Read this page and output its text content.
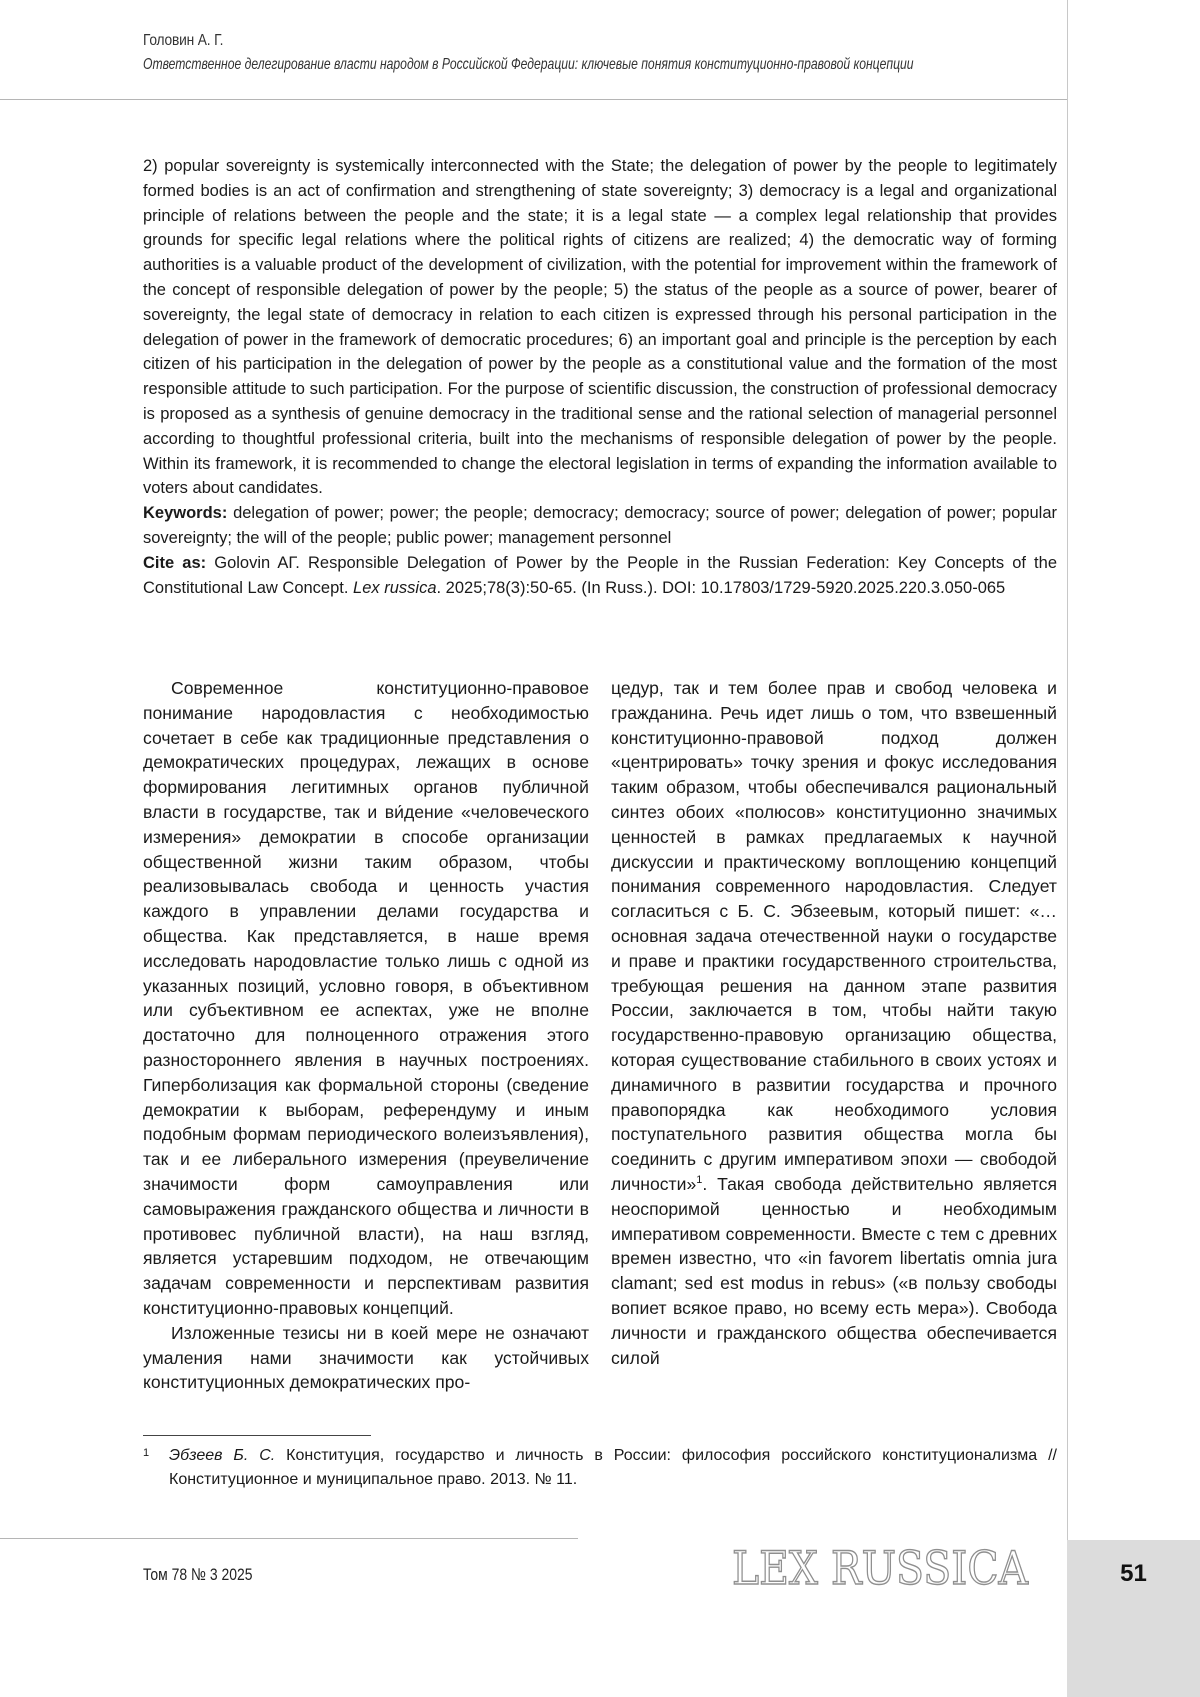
51
Головин А. Г.
Ответственное делегирование власти народом в Российской Федерации: ключевые понятия конституционно-правовой концепции

2) popular sovereignty is systemically interconnected with the State; the delegation of power by the people to legitimately formed bodies is an act of confirmation and strengthening of state sovereignty; 3) democracy is a legal and organizational principle of relations between the people and the state; it is a legal state — a complex legal relationship that provides grounds for specific legal relations where the political rights of citizens are realized; 4) the democratic way of forming authorities is a valuable product of the development of civilization, with the potential for improvement within the framework of the concept of responsible delegation of power by the people; 5) the status of the people as a source of power, bearer of sovereignty, the legal state of democracy in relation to each citizen is expressed through his personal participation in the delegation of power in the framework of democratic procedures; 6) an important goal and principle is the perception by each citizen of his participation in the delegation of power by the people as a constitutional value and the formation of the most responsible attitude to such participation. For the purpose of scientific discussion, the construction of professional democracy is proposed as a synthesis of genuine democracy in the traditional sense and the rational selection of managerial personnel according to thoughtful professional criteria, built into the mechanisms of responsible delegation of power by the people. Within its framework, it is recommended to change the electoral legislation in terms of expanding the information available to voters about candidates.

Keywords: delegation of power; power; the people; democracy; democracy; source of power; delegation of power; popular sovereignty; the will of the people; public power; management personnel

Cite as: Golovin AГ. Responsible Delegation of Power by the People in the Russian Federation: Key Concepts of the Constitutional Law Concept. Lex russica. 2025;78(3):50-65. (In Russ.). DOI: 10.17803/1729-5920.2025.220.3.050-065

Современное конституционно-правовое понимание народовластия с необходимостью сочетает в себе как традиционные представления о демократических процедурах, лежащих в основе формирования легитимных органов публичной власти в государстве, так и ви́дение «человеческого измерения» демократии в способе организации общественной жизни таким образом, чтобы реализовывалась свобода и ценность участия каждого в управлении делами государства и общества. Как представляется, в наше время исследовать народовластие только лишь с одной из указанных позиций, условно говоря, в объективном или субъективном ее аспектах, уже не вполне достаточно для полноценного отражения этого разностороннего явления в научных построениях. Гиперболизация как формальной стороны (сведение демократии к выборам, референдуму и иным подобным формам периодического волеизъявления), так и ее либерального измерения (преувеличение значимости форм самоуправления или самовыражения гражданского общества и личности в противовес публичной власти), на наш взгляд, является устаревшим подходом, не отвечающим задачам современности и перспективам развития конституционно-правовых концепций.

Изложенные тезисы ни в коей мере не означают умаления нами значимости как устойчивых конституционных демократических про-

цедур, так и тем более прав и свобод человека и гражданина. Речь идет лишь о том, что взвешенный конституционно-правовой подход должен «центрировать» точку зрения и фокус исследования таким образом, чтобы обеспечивался рациональный синтез обоих «полюсов» конституционно значимых ценностей в рамках предлагаемых к научной дискуссии и практическому воплощению концепций понимания современного народовластия. Следует согласиться с Б. С. Эбзеевым, который пишет: «…основная задача отечественной науки о государстве и праве и практики государственного строительства, требующая решения на данном этапе развития России, заключается в том, чтобы найти такую государственно-правовую организацию общества, которая существование стабильного в своих устоях и динамичного в развитии государства и прочного правопорядка как необходимого условия поступательного развития общества могла бы соединить с другим императивом эпохи — свободой личности»$^1$. Такая свобода действительно является неоспоримой ценностью и необходимым императивом современности. Вместе с тем с древних времен известно, что «in favorem libertatis omnia jura clamant; sed est modus in rebus» («в пользу свободы вопиет всякое право, но всему есть мера»). Свобода личности и гражданского общества обеспечивается силой

1 Эбзеев Б. С. Конституция, государство и личность в России: философия российского конституционализма // Конституционное и муниципальное право. 2013. № 11.
Том 78 № 3 2025	LEX RUSSICA
